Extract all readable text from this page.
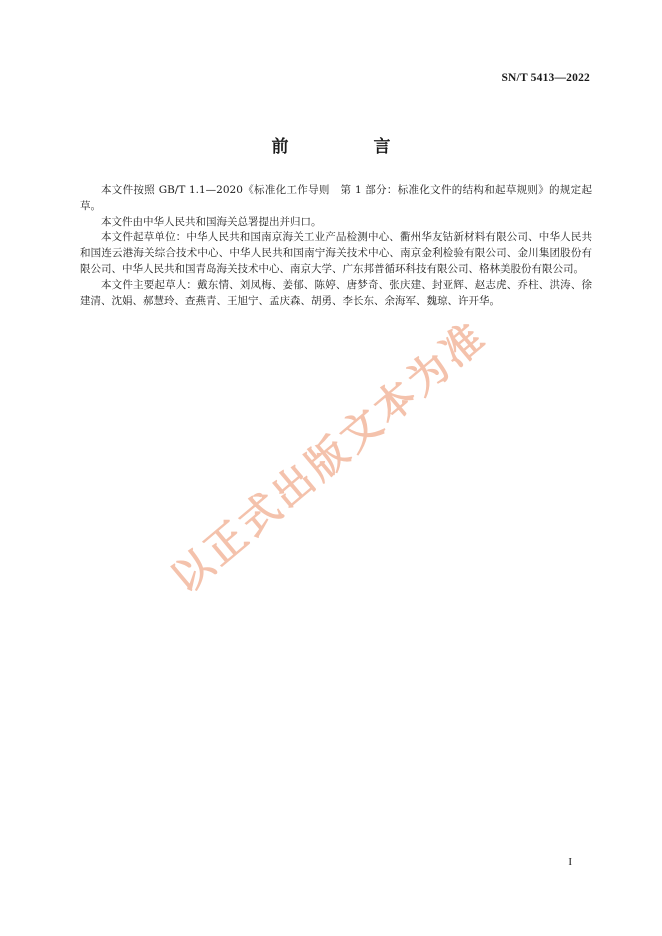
SN/T 5413—2022
前　言

本文件按照 GB/T 1.1—2020《标准化工作导则　第 1 部分：标准化文件的结构和起草规则》的规定起草。

本文件由中华人民共和国海关总署提出并归口。

本文件起草单位：中华人民共和国南京海关工业产品检测中心、衢州华友钴新材料有限公司、中华人民共和国连云港海关综合技术中心、中华人民共和国南宁海关技术中心、南京金利检验有限公司、金川集团股份有限公司、中华人民共和国青岛海关技术中心、南京大学、广东邦普循环科技有限公司、格林美股份有限公司。

本文件主要起草人：戴东情、刘凤梅、姜郁、陈婷、唐梦奇、张庆建、封亚辉、赵志虎、乔柱、洪涛、徐建清、沈娟、郝慧玲、查燕青、王旭宁、孟庆森、胡勇、李长东、余海军、魏琼、许开华。

以正式出版文本为准
I
